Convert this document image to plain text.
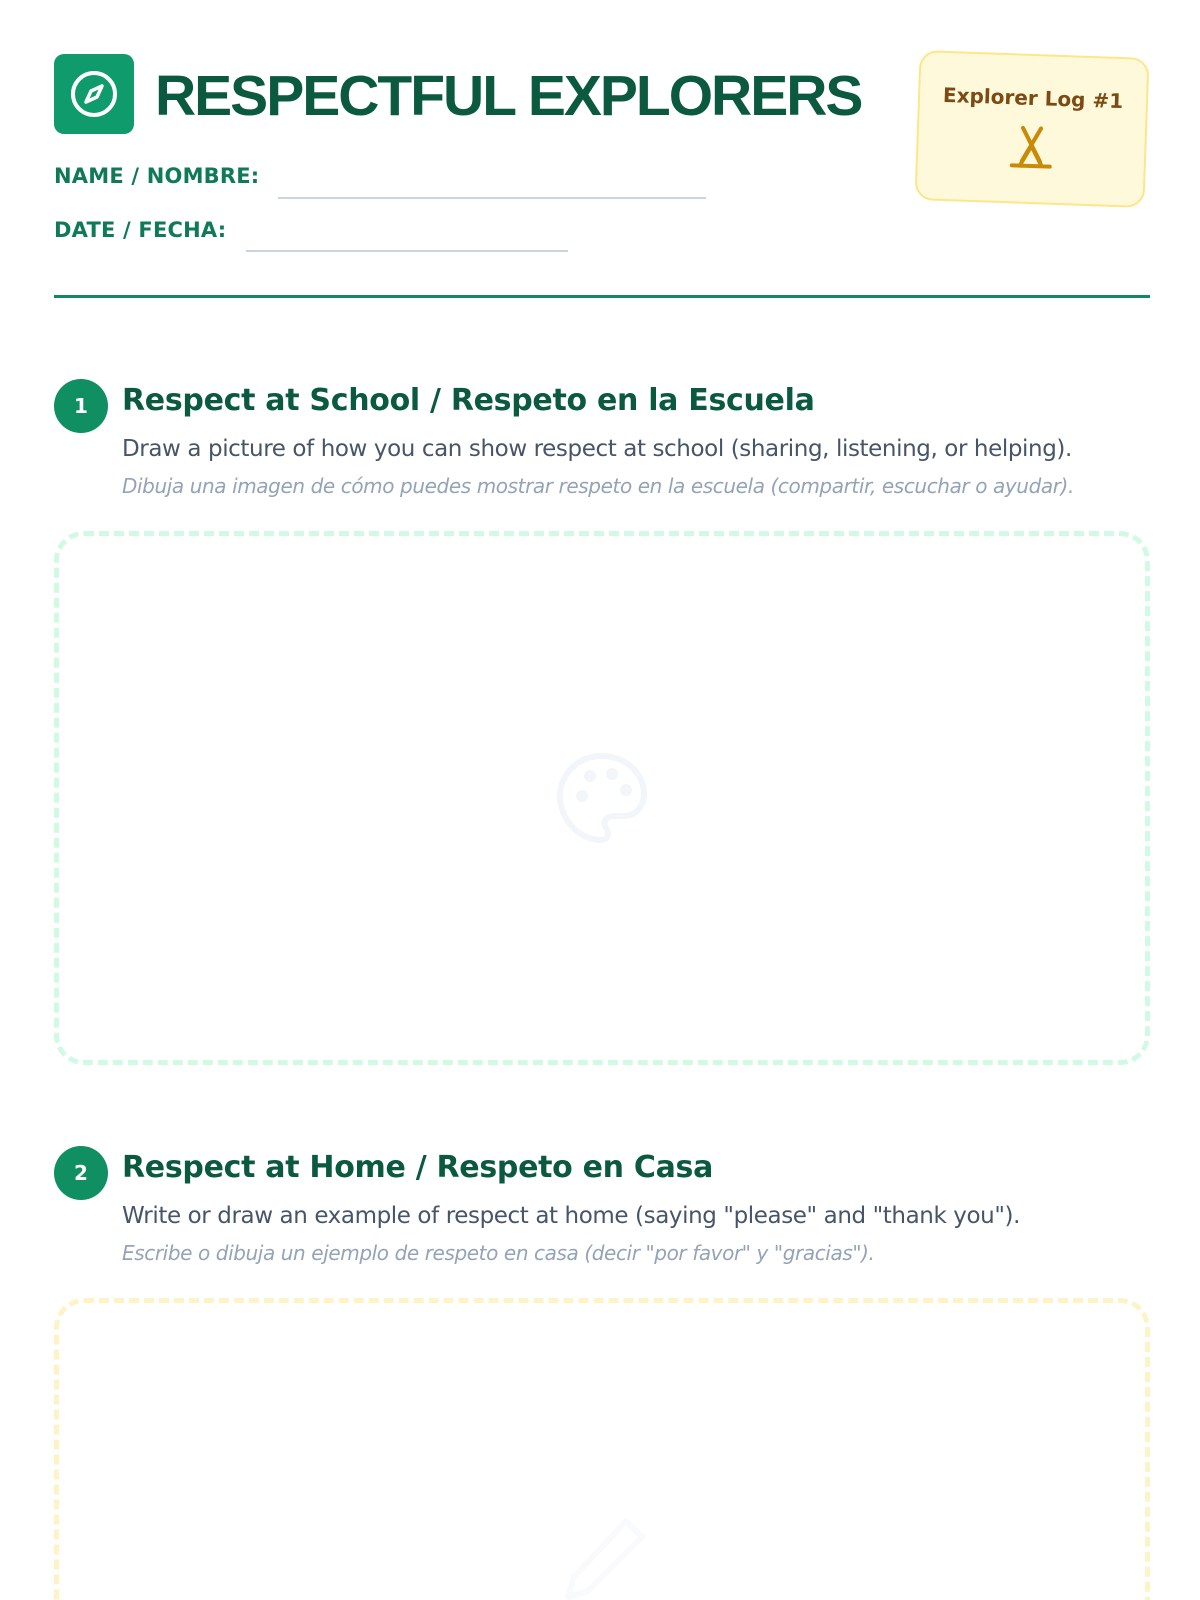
RESPECTFUL EXPLORERS
NAME / NOMBRE:
DATE / FECHA:
Explorer Log #1
1	Respect at School / Respeto en la Escuela
Draw a picture of how you can show respect at school (sharing, listening, or helping).
Dibuja una imagen de cómo puedes mostrar respeto en la escuela (compartir, escuchar o ayudar).
2	Respect at Home / Respeto en Casa
Write or draw an example of respect at home (saying "please" and "thank you").
Escribe o dibuja un ejemplo de respeto en casa (decir "por favor" y "gracias").
